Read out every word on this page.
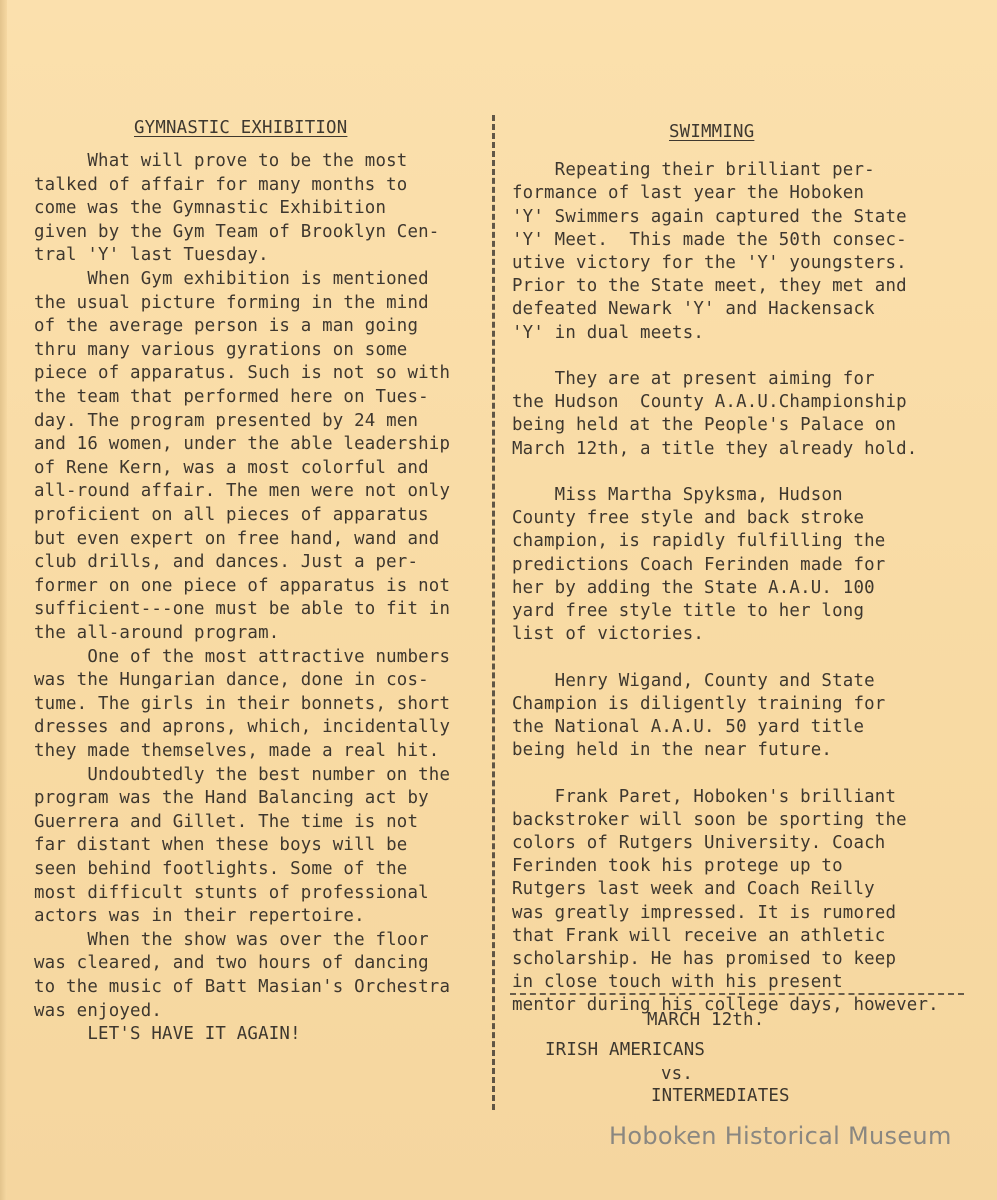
GYMNASTIC EXHIBITION

What will prove to be the most
talked of affair for many months to
come was the Gymnastic Exhibition
given by the Gym Team of Brooklyn Cen-
tral 'Y' last Tuesday.
When Gym exhibition is mentioned
the usual picture forming in the mind
of the average person is a man going
thru many various gyrations on some
piece of apparatus. Such is not so with
the team that performed here on Tues-
day. The program presented by 24 men
and 16 women, under the able leadership
of Rene Kern, was a most colorful and
all-round affair. The men were not only
proficient on all pieces of apparatus
but even expert on free hand, wand and
club drills, and dances. Just a per-
former on one piece of apparatus is not
sufficient---one must be able to fit in
the all-around program.
One of the most attractive numbers
was the Hungarian dance, done in cos-
tume. The girls in their bonnets, short
dresses and aprons, which, incidentally
they made themselves, made a real hit.
Undoubtedly the best number on the
program was the Hand Balancing act by
Guerrera and Gillet. The time is not
far distant when these boys will be
seen behind footlights. Some of the
most difficult stunts of professional
actors was in their repertoire.
When the show was over the floor
was cleared, and two hours of dancing
to the music of Batt Masian's Orchestra
was enjoyed.
LET'S HAVE IT AGAIN!

SWIMMING

Repeating their brilliant per-
formance of last year the Hoboken
'Y' Swimmers again captured the State
'Y' Meet.  This made the 50th consec-
utive victory for the 'Y' youngsters.
Prior to the State meet, they met and
defeated Newark 'Y' and Hackensack
'Y' in dual meets.
They are at present aiming for
the Hudson  County A.A.U.Championship
being held at the People's Palace on
March 12th, a title they already hold.
Miss Martha Spyksma, Hudson
County free style and back stroke
champion, is rapidly fulfilling the
predictions Coach Ferinden made for
her by adding the State A.A.U. 100
yard free style title to her long
list of victories.
Henry Wigand, County and State
Champion is diligently training for
the National A.A.U. 50 yard title
being held in the near future.
Frank Paret, Hoboken's brilliant
backstroker will soon be sporting the
colors of Rutgers University. Coach
Ferinden took his protege up to
Rutgers last week and Coach Reilly
was greatly impressed. It is rumored
that Frank will receive an athletic
scholarship. He has promised to keep
in close touch with his present
mentor during his college days, however.

MARCH 12th.
IRISH AMERICANS
vs.
INTERMEDIATES
Hoboken Historical Museum
